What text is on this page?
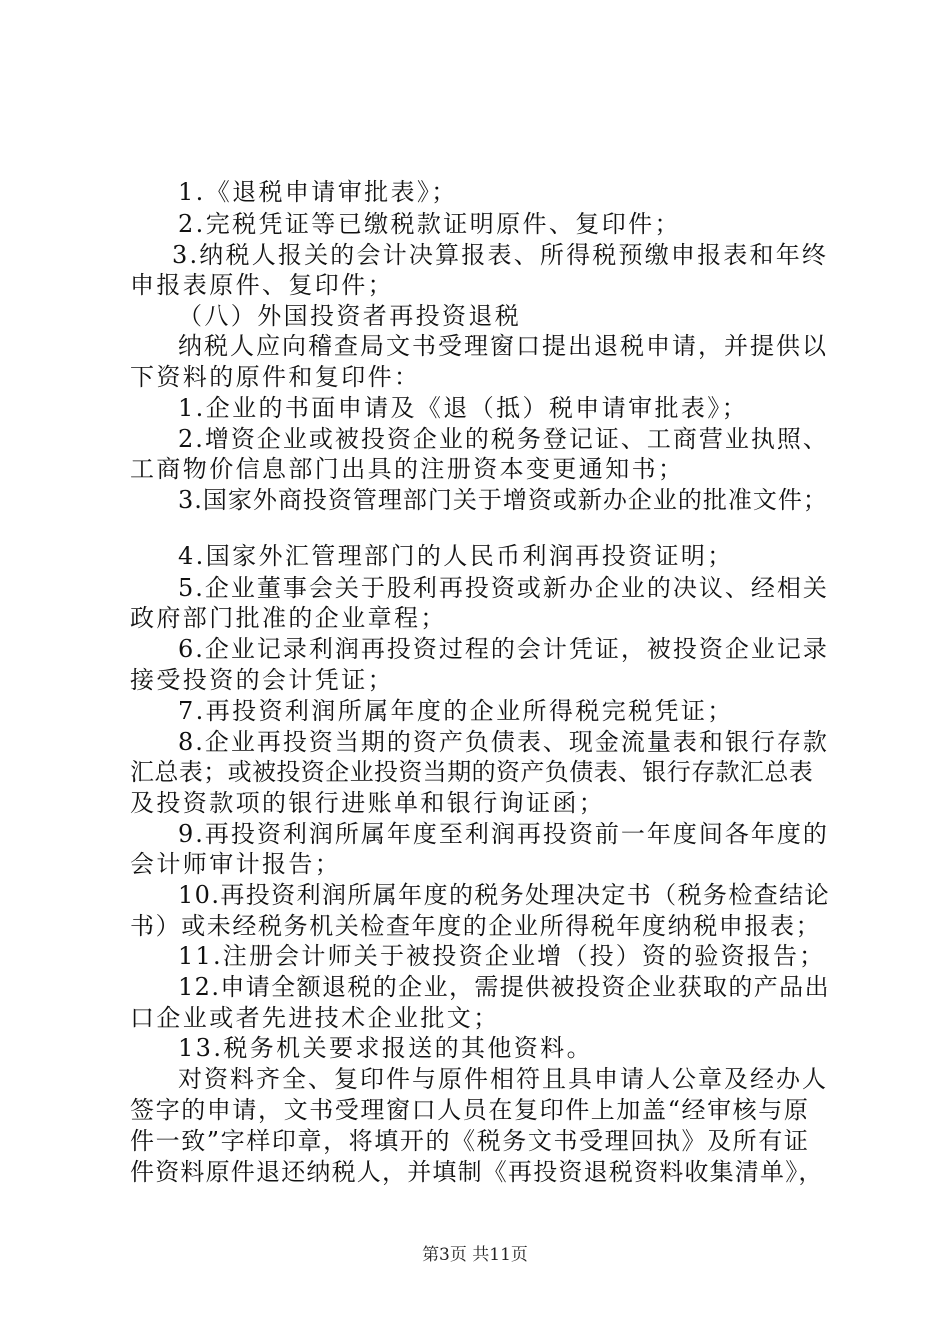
1.《退税申请审批表》；
2.完税凭证等已缴税款证明原件、复印件；
3.纳税人报关的会计决算报表、所得税预缴申报表和年终
申报表原件、复印件；
（八）外国投资者再投资退税
纳税人应向稽查局文书受理窗口提出退税申请，并提供以
下资料的原件和复印件：
1.企业的书面申请及《退（抵）税申请审批表》；
2.增资企业或被投资企业的税务登记证、工商营业执照、
工商物价信息部门出具的注册资本变更通知书；
3.国家外商投资管理部门关于增资或新办企业的批准文件；
4.国家外汇管理部门的人民币利润再投资证明；
5.企业董事会关于股利再投资或新办企业的决议、经相关
政府部门批准的企业章程；
6.企业记录利润再投资过程的会计凭证，被投资企业记录
接受投资的会计凭证；
7.再投资利润所属年度的企业所得税完税凭证；
8.企业再投资当期的资产负债表、现金流量表和银行存款
汇总表；或被投资企业投资当期的资产负债表、银行存款汇总表
及投资款项的银行进账单和银行询证函；
9.再投资利润所属年度至利润再投资前一年度间各年度的
会计师审计报告；
10.再投资利润所属年度的税务处理决定书（税务检查结论
书）或未经税务机关检查年度的企业所得税年度纳税申报表；
11.注册会计师关于被投资企业增（投）资的验资报告；
12.申请全额退税的企业，需提供被投资企业获取的产品出
口企业或者先进技术企业批文；
13.税务机关要求报送的其他资料。
对资料齐全、复印件与原件相符且具申请人公章及经办人
签字的申请，文书受理窗口人员在复印件上加盖“经审核与原
件一致”字样印章，将填开的《税务文书受理回执》及所有证
件资料原件退还纳税人，并填制《再投资退税资料收集清单》，
第3页 共11页
